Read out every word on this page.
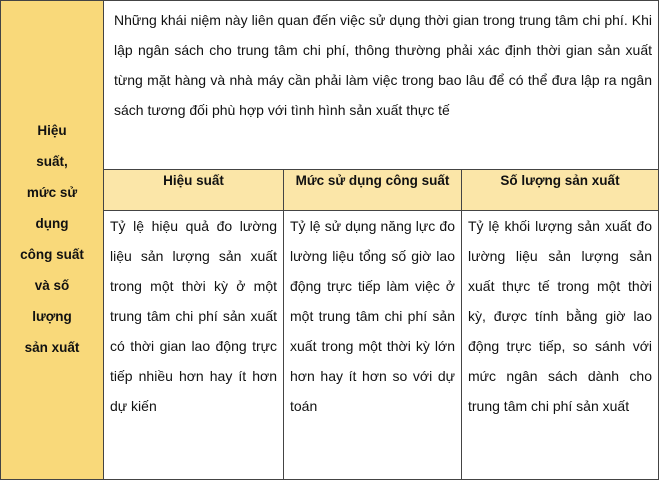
Hiệu
suất,
mức sử
dụng
công suất
và số
lượng
sản xuất
Những khái niệm này liên quan đến việc sử dụng thời gian trong trung tâm chi phí. Khi lập ngân sách cho trung tâm chi phí, thông thường phải xác định thời gian sản xuất từng mặt hàng và nhà máy cần phải làm việc trong bao lâu để có thể đưa lập ra ngân sách tương đối phù hợp với tình hình sản xuất thực tế
Hiệu suất	Mức sử dụng công suất	Số lượng sản xuất
Tỷ lệ hiệu quả đo lường liệu sản lượng sản xuất trong một thời kỳ ở một trung tâm chi phí sản xuất có thời gian lao động trực tiếp nhiều hơn hay ít hơn dự kiến
Tỷ lệ sử dụng năng lực đo lường liệu tổng số giờ lao động trực tiếp làm việc ở một trung tâm chi phí sản xuất trong một thời kỳ lớn hơn hay ít hơn so với dự toán
Tỷ lệ khối lượng sản xuất đo lường liệu sản lượng sản xuất thực tế trong một thời kỳ, được tính bằng giờ lao động trực tiếp, so sánh với mức ngân sách dành cho trung tâm chi phí sản xuất
